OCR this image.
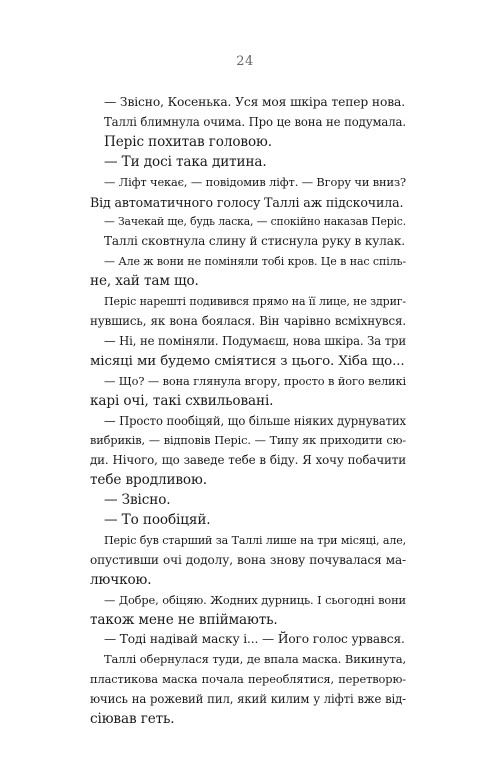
24
— Звісно, Косенька. Уся моя шкіра тепер нова.
Таллі блимнула очима. Про це вона не подумала.
Періс похитав головою.
— Ти досі така дитина.
— Ліфт чекає, — повідомив ліфт. — Вгору чи вниз?
Від автоматичного голосу Таллі аж підскочила.
— Зачекай ще, будь ласка, — спокійно наказав Періс.
Таллі сковтнула слину й стиснула руку в кулак.
— Але ж вони не поміняли тобі кров. Це в нас спіль-
не, хай там що.
Періс нарешті подивився прямо на її лице, не здриг-
нувшись, як вона боялася. Він чарівно всміхнувся.
— Ні, не поміняли. Подумаєш, нова шкіра. За три
місяці ми будемо сміятися з цього. Хіба що...
— Що? — вона глянула вгору, просто в його великі
карі очі, такі схвильовані.
— Просто пообіцяй, що більше ніяких дурнуватих
вибриків, — відповів Періс. — Типу як приходити сю-
ди. Нічого, що заведе тебе в біду. Я хочу побачити
тебе вродливою.
— Звісно.
— То пообіцяй.
Періс був старший за Таллі лише на три місяці, але,
опустивши очі додолу, вона знову почувалася ма-
лючкою.
— Добре, обіцяю. Жодних дурниць. І сьогодні вони
також мене не впіймають.
— Тоді надівай маску і... — Його голос урвався.
Таллі обернулася туди, де впала маска. Викинута,
пластикова маска почала переоблятися, перетворю-
ючись на рожевий пил, який килим у ліфті вже від-
сіював геть.
